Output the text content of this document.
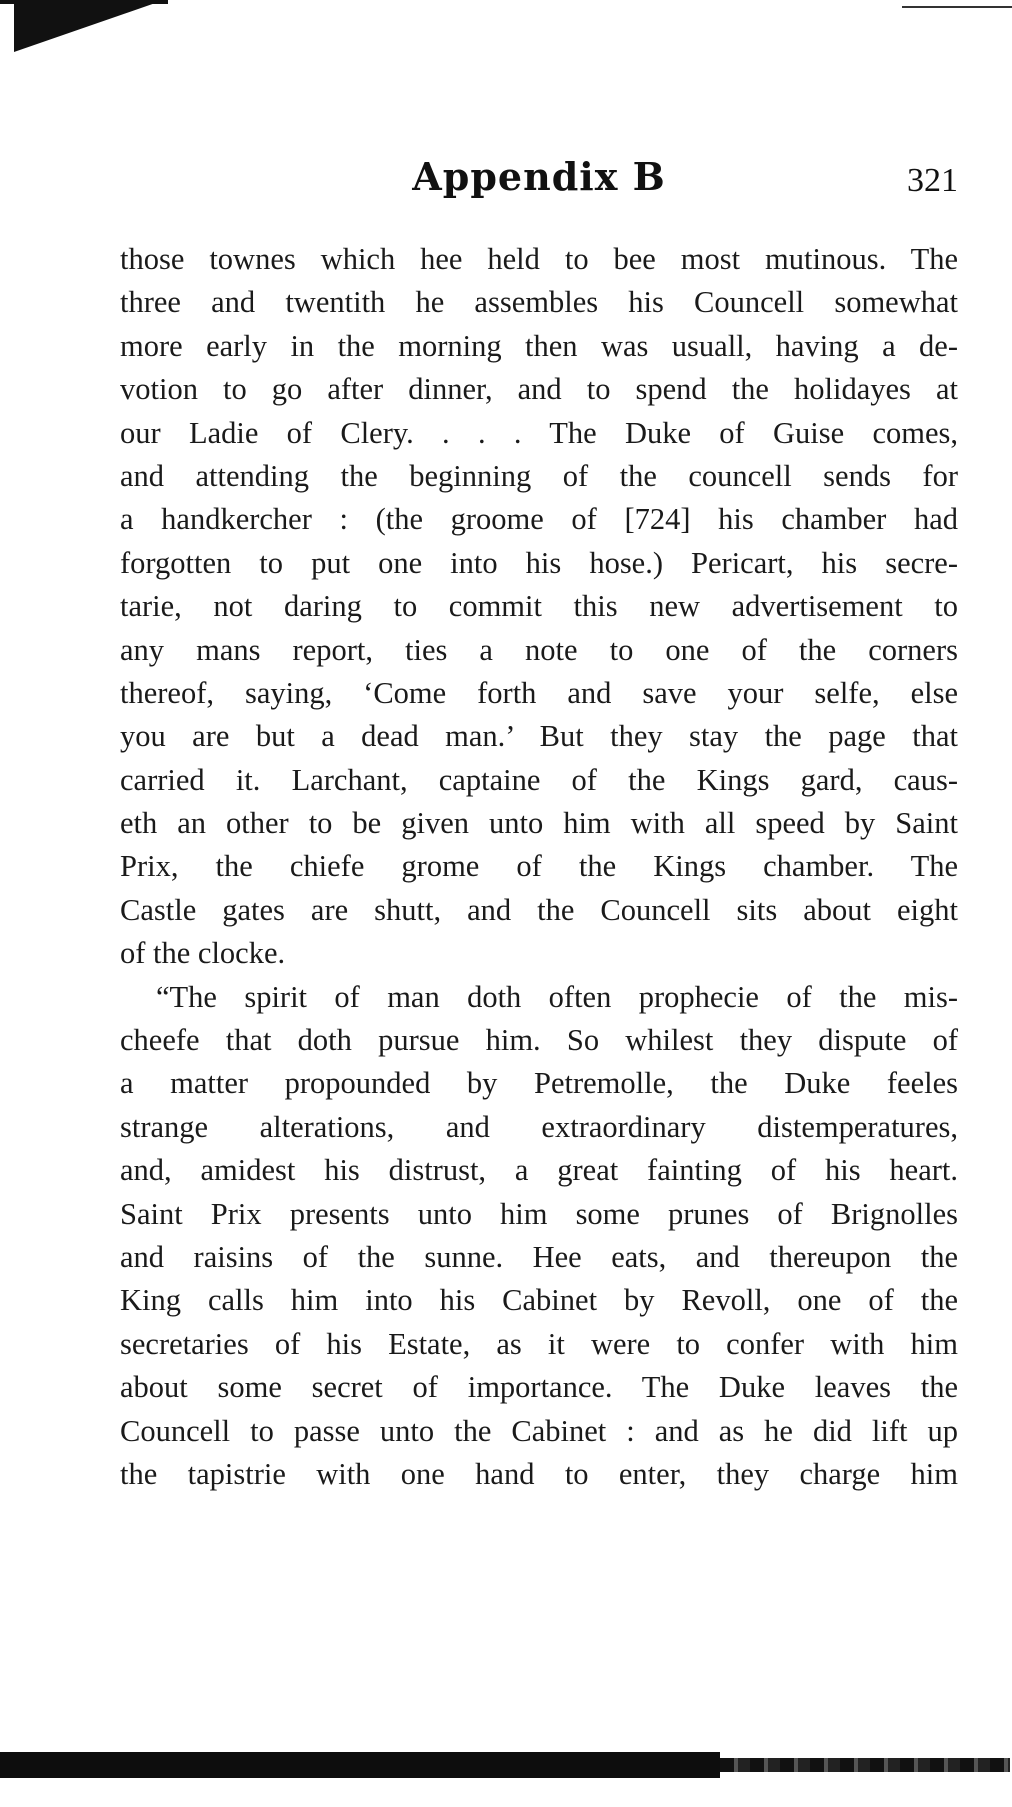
Appendix B	321
those townes which hee held to bee most mutinous. The
three and twentith he assembles his Councell somewhat
more early in the morning then was usuall, having a de-
votion to go after dinner, and to spend the holidayes at
our Ladie of Clery. . . . The Duke of Guise comes,
and attending the beginning of the councell sends for
a handkercher : (the groome of [724] his chamber had
forgotten to put one into his hose.) Pericart, his secre-
tarie, not daring to commit this new advertisement to
any mans report, ties a note to one of the corners
thereof, saying, ‘Come forth and save your selfe, else
you are but a dead man.’ But they stay the page that
carried it. Larchant, captaine of the Kings gard, caus-
eth an other to be given unto him with all speed by Saint
Prix, the chiefe grome of the Kings chamber. The
Castle gates are shutt, and the Councell sits about eight
of the clocke.
“The spirit of man doth often prophecie of the mis-
cheefe that doth pursue him. So whilest they dispute of
a matter propounded by Petremolle, the Duke feeles
strange alterations, and extraordinary distemperatures,
and, amidest his distrust, a great fainting of his heart.
Saint Prix presents unto him some prunes of Brignolles
and raisins of the sunne. Hee eats, and thereupon the
King calls him into his Cabinet by Revoll, one of the
secretaries of his Estate, as it were to confer with him
about some secret of importance. The Duke leaves the
Councell to passe unto the Cabinet : and as he did lift up
the tapistrie with one hand to enter, they charge him
